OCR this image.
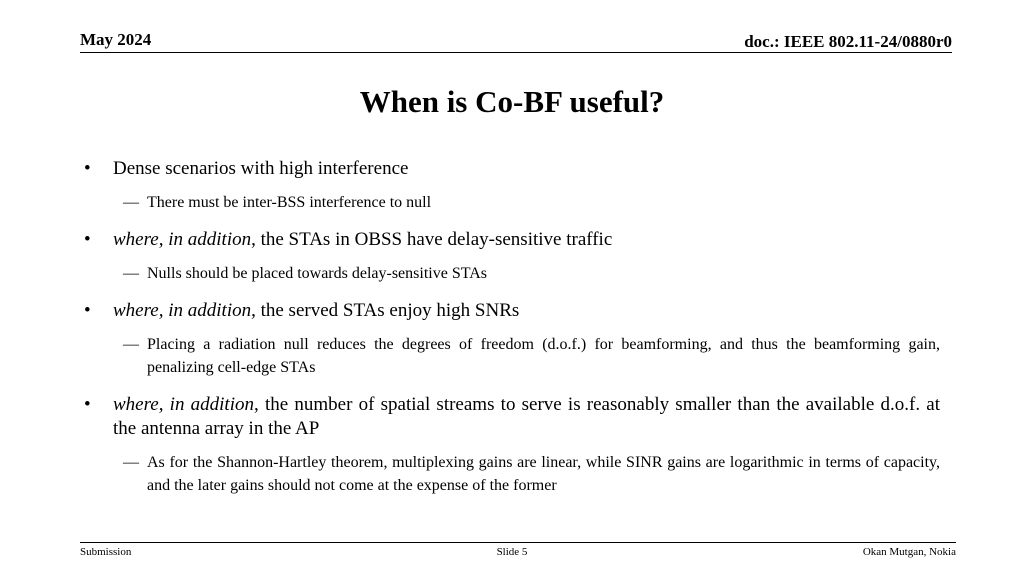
May 2024	doc.: IEEE 802.11-24/0880r0
When is Co-BF useful?
• Dense scenarios with high interference
— There must be inter-BSS interference to null
• where, in addition, the STAs in OBSS have delay-sensitive traffic
— Nulls should be placed towards delay-sensitive STAs
• where, in addition, the served STAs enjoy high SNRs
— Placing a radiation null reduces the degrees of freedom (d.o.f.) for beamforming, and thus the beamforming gain, penalizing cell-edge STAs
• where, in addition, the number of spatial streams to serve is reasonably smaller than the available d.o.f. at the antenna array in the AP
— As for the Shannon-Hartley theorem, multiplexing gains are linear, while SINR gains are logarithmic in terms of capacity, and the later gains should not come at the expense of the former
Submission	Slide 5	Okan Mutgan, Nokia
